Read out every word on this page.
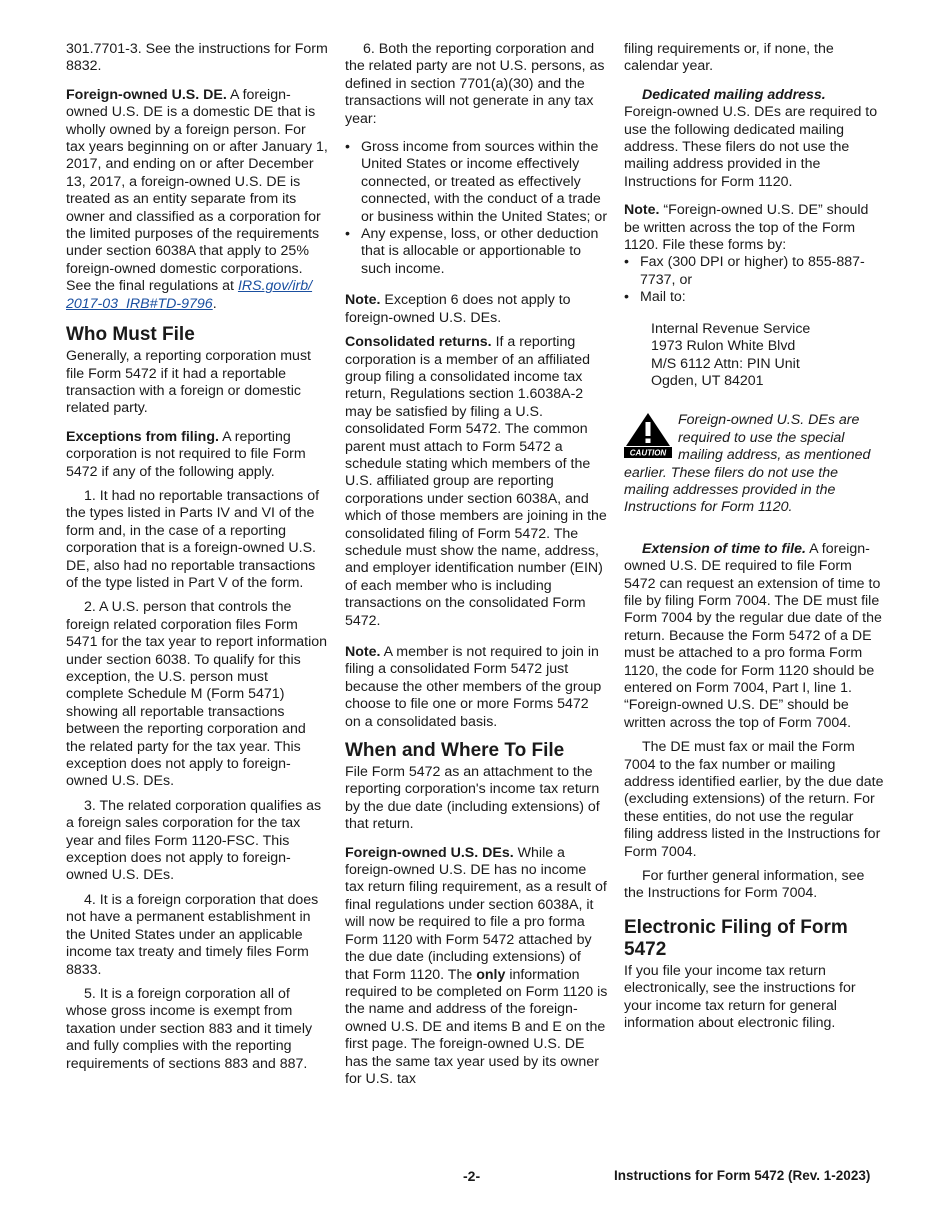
301.7701-3. See the instructions for Form 8832.

Foreign-owned U.S. DE. A foreign-owned U.S. DE is a domestic DE that is wholly owned by a foreign person. For tax years beginning on or after January 1, 2017, and ending on or after December 13, 2017, a foreign-owned U.S. DE is treated as an entity separate from its owner and classified as a corporation for the limited purposes of the requirements under section 6038A that apply to 25% foreign-owned domestic corporations. See the final regulations at IRS.gov/irb/
2017-03_IRB#TD-9796.

Who Must File

Generally, a reporting corporation must file Form 5472 if it had a reportable transaction with a foreign or domestic related party.

Exceptions from filing. A reporting corporation is not required to file Form 5472 if any of the following apply.

1. It had no reportable transactions of the types listed in Parts IV and VI of the form and, in the case of a reporting corporation that is a foreign-owned U.S. DE, also had no reportable transactions of the type listed in Part V of the form.

2. A U.S. person that controls the foreign related corporation files Form 5471 for the tax year to report information under section 6038. To qualify for this exception, the U.S. person must complete Schedule M (Form 5471) showing all reportable transactions between the reporting corporation and the related party for the tax year. This exception does not apply to foreign-owned U.S. DEs.

3. The related corporation qualifies as a foreign sales corporation for the tax year and files Form 1120-FSC. This exception does not apply to foreign-owned U.S. DEs.

4. It is a foreign corporation that does not have a permanent establishment in the United States under an applicable income tax treaty and timely files Form 8833.

5. It is a foreign corporation all of whose gross income is exempt from taxation under section 883 and it timely and fully complies with the reporting requirements of sections 883 and 887.

6. Both the reporting corporation and the related party are not U.S. persons, as defined in section 7701(a)(30) and the transactions will not generate in any tax year:

• Gross income from sources within the United States or income effectively connected, or treated as effectively connected, with the conduct of a trade or business within the United States; or

• Any expense, loss, or other deduction that is allocable or apportionable to such income.

Note. Exception 6 does not apply to foreign-owned U.S. DEs.

Consolidated returns. If a reporting corporation is a member of an affiliated group filing a consolidated income tax return, Regulations section 1.6038A-2 may be satisfied by filing a U.S. consolidated Form 5472. The common parent must attach to Form 5472 a schedule stating which members of the U.S. affiliated group are reporting corporations under section 6038A, and which of those members are joining in the consolidated filing of Form 5472. The schedule must show the name, address, and employer identification number (EIN) of each member who is including transactions on the consolidated Form 5472.

Note. A member is not required to join in filing a consolidated Form 5472 just because the other members of the group choose to file one or more Forms 5472 on a consolidated basis.

When and Where To File

File Form 5472 as an attachment to the reporting corporation's income tax return by the due date (including extensions) of that return.

Foreign-owned U.S. DEs. While a foreign-owned U.S. DE has no income tax return filing requirement, as a result of final regulations under section 6038A, it will now be required to file a pro forma Form 1120 with Form 5472 attached by the due date (including extensions) of that Form 1120. The only information required to be completed on Form 1120 is the name and address of the foreign-owned U.S. DE and items B and E on the first page. The foreign-owned U.S. DE has the same tax year used by its owner for U.S. tax

filing requirements or, if none, the calendar year.

Dedicated mailing address.
Foreign-owned U.S. DEs are required to use the following dedicated mailing address. These filers do not use the mailing address provided in the Instructions for Form 1120.

Note. “Foreign-owned U.S. DE” should be written across the top of the Form 1120. File these forms by:

• Fax (300 DPI or higher) to 855-887-7737, or

• Mail to:

Internal Revenue Service
1973 Rulon White Blvd
M/S 6112 Attn: PIN Unit
Ogden, UT 84201
CAUTION
Foreign-owned U.S. DEs are required to use the special mailing address, as mentioned earlier. These filers do not use the mailing addresses provided in the Instructions for Form 1120.

Extension of time to file. A foreign-owned U.S. DE required to file Form 5472 can request an extension of time to file by filing Form 7004. The DE must file Form 7004 by the regular due date of the return. Because the Form 5472 of a DE must be attached to a pro forma Form 1120, the code for Form 1120 should be entered on Form 7004, Part I, line 1. “Foreign-owned U.S. DE” should be written across the top of Form 7004.

The DE must fax or mail the Form 7004 to the fax number or mailing address identified earlier, by the due date (excluding extensions) of the return. For these entities, do not use the regular filing address listed in the Instructions for Form 7004.

For further general information, see the Instructions for Form 7004.

Electronic Filing of Form 5472

If you file your income tax return electronically, see the instructions for your income tax return for general information about electronic filing.

-2-	Instructions for Form 5472 (Rev. 1-2023)
